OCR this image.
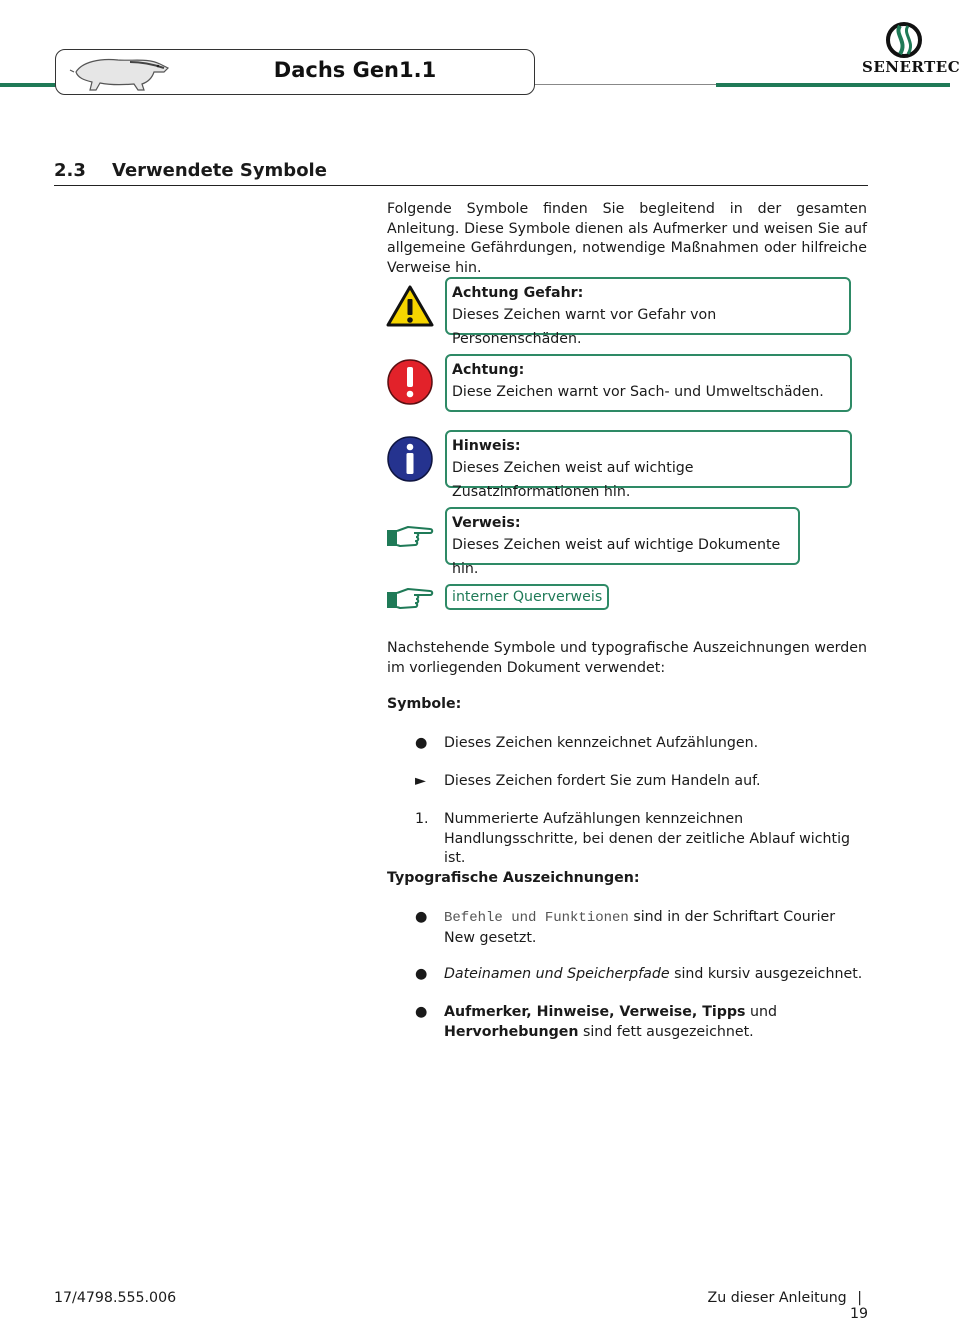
Dachs Gen1.1	SENERTEC
2.3 Verwendete Symbole
Folgende Symbole finden Sie begleitend in der gesamten Anleitung. Diese Symbole dienen als Aufmerker und weisen Sie auf allgemeine Gefährdungen, notwendige Maßnahmen oder hilfreiche Verweise hin.
Achtung Gefahr:
Dieses Zeichen warnt vor Gefahr von Personenschäden.
Achtung:
Diese Zeichen warnt vor Sach- und Umweltschäden.
Hinweis:
Dieses Zeichen weist auf wichtige Zusatzinformationen hin.
Verweis:
Dieses Zeichen weist auf wichtige Dokumente hin.
interner Querverweis
Nachstehende Symbole und typografische Auszeichnungen werden im vorliegenden Dokument verwendet:
Symbole:
● Dieses Zeichen kennzeichnet Aufzählungen.
► Dieses Zeichen fordert Sie zum Handeln auf.
1. Nummerierte Aufzählungen kennzeichnen Handlungsschritte, bei denen der zeitliche Ablauf wichtig ist.
Typografische Auszeichnungen:
● Befehle und Funktionen sind in der Schriftart Courier New gesetzt.
● Dateinamen und Speicherpfade sind kursiv ausgezeichnet.
● Aufmerker, Hinweise, Verweise, Tipps und Hervorhebungen sind fett ausgezeichnet.
17/4798.555.006	Zu dieser Anleitung | 19
